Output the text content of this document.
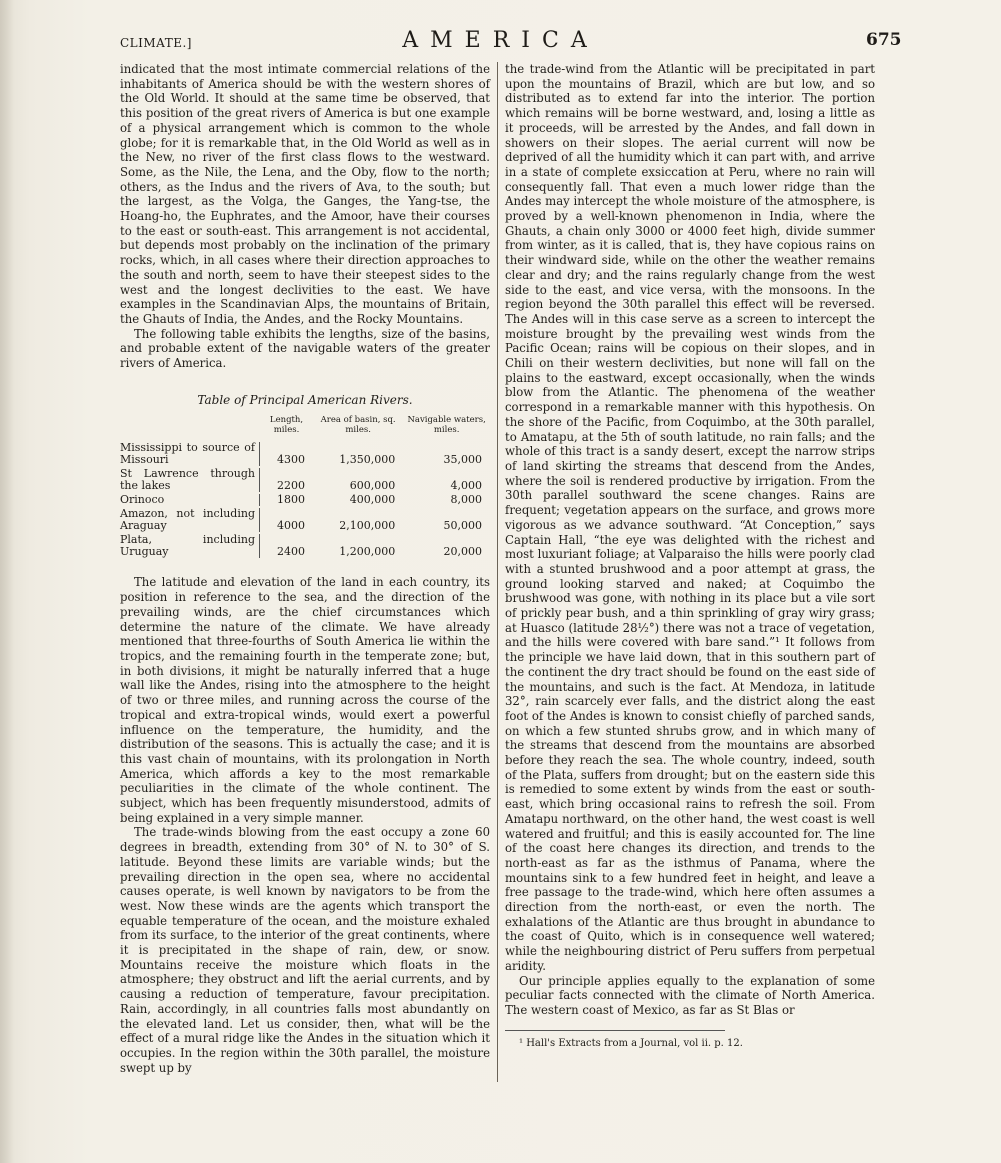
CLIMATE.]	AMERICA	675

indicated that the most intimate commercial relations of the inhabitants of America should be with the western shores of the Old World. It should at the same time be observed, that this position of the great rivers of America is but one example of a physical arrangement which is common to the whole globe; for it is remarkable that, in the Old World as well as in the New, no river of the first class flows to the westward. Some, as the Nile, the Lena, and the Oby, flow to the north; others, as the Indus and the rivers of Ava, to the south; but the largest, as the Volga, the Ganges, the Yang-tse, the Hoang-ho, the Euphrates, and the Amoor, have their courses to the east or south-east. This arrangement is not accidental, but depends most probably on the inclination of the primary rocks, which, in all cases where their direction approaches to the south and north, seem to have their steepest sides to the west and the longest declivities to the east. We have examples in the Scandinavian Alps, the mountains of Britain, the Ghauts of India, the Andes, and the Rocky Mountains.

The following table exhibits the lengths, size of the basins, and probable extent of the navigable waters of the greater rivers of America.

Table of Principal American Rivers.
	Length, miles.	Area of basin, sq. miles.	Navigable waters, miles.

Mississippi to source of Missouri	4300	1,350,000	35,000

St Lawrence through the lakes	2200	600,000	4,000

Orinoco	1800	400,000	8,000

Amazon, not including Araguay	4000	2,100,000	50,000

Plata, including Uruguay	2400	1,200,000	20,000

The latitude and elevation of the land in each country, its position in reference to the sea, and the direction of the prevailing winds, are the chief circumstances which determine the nature of the climate. We have already mentioned that three-fourths of South America lie within the tropics, and the remaining fourth in the temperate zone; but, in both divisions, it might be naturally inferred that a huge wall like the Andes, rising into the atmosphere to the height of two or three miles, and running across the course of the tropical and extra-tropical winds, would exert a powerful influence on the temperature, the humidity, and the distribution of the seasons. This is actually the case; and it is this vast chain of mountains, with its prolongation in North America, which affords a key to the most remarkable peculiarities in the climate of the whole continent. The subject, which has been frequently misunderstood, admits of being explained in a very simple manner.

The trade-winds blowing from the east occupy a zone 60 degrees in breadth, extending from 30° of N. to 30° of S. latitude. Beyond these limits are variable winds; but the prevailing direction in the open sea, where no accidental causes operate, is well known by navigators to be from the west. Now these winds are the agents which transport the equable temperature of the ocean, and the moisture exhaled from its surface, to the interior of the great continents, where it is precipitated in the shape of rain, dew, or snow. Mountains receive the moisture which floats in the atmosphere; they obstruct and lift the aerial currents, and by causing a reduction of temperature, favour precipitation. Rain, accordingly, in all countries falls most abundantly on the elevated land. Let us consider, then, what will be the effect of a mural ridge like the Andes in the situation which it occupies. In the region within the 30th parallel, the moisture swept up by

the trade-wind from the Atlantic will be precipitated in part upon the mountains of Brazil, which are but low, and so distributed as to extend far into the interior. The portion which remains will be borne westward, and, losing a little as it proceeds, will be arrested by the Andes, and fall down in showers on their slopes. The aerial current will now be deprived of all the humidity which it can part with, and arrive in a state of complete exsiccation at Peru, where no rain will consequently fall. That even a much lower ridge than the Andes may intercept the whole moisture of the atmosphere, is proved by a well-known phenomenon in India, where the Ghauts, a chain only 3000 or 4000 feet high, divide summer from winter, as it is called, that is, they have copious rains on their windward side, while on the other the weather remains clear and dry; and the rains regularly change from the west side to the east, and vice versa, with the monsoons. In the region beyond the 30th parallel this effect will be reversed. The Andes will in this case serve as a screen to intercept the moisture brought by the prevailing west winds from the Pacific Ocean; rains will be copious on their slopes, and in Chili on their western declivities, but none will fall on the plains to the eastward, except occasionally, when the winds blow from the Atlantic. The phenomena of the weather correspond in a remarkable manner with this hypothesis. On the shore of the Pacific, from Coquimbo, at the 30th parallel, to Amatapu, at the 5th of south latitude, no rain falls; and the whole of this tract is a sandy desert, except the narrow strips of land skirting the streams that descend from the Andes, where the soil is rendered productive by irrigation. From the 30th parallel southward the scene changes. Rains are frequent; vegetation appears on the surface, and grows more vigorous as we advance southward. “At Conception,” says Captain Hall, “the eye was delighted with the richest and most luxuriant foliage; at Valparaiso the hills were poorly clad with a stunted brushwood and a poor attempt at grass, the ground looking starved and naked; at Coquimbo the brushwood was gone, with nothing in its place but a vile sort of prickly pear bush, and a thin sprinkling of gray wiry grass; at Huasco (latitude 28½°) there was not a trace of vegetation, and the hills were covered with bare sand.”¹ It follows from the principle we have laid down, that in this southern part of the continent the dry tract should be found on the east side of the mountains, and such is the fact. At Mendoza, in latitude 32°, rain scarcely ever falls, and the district along the east foot of the Andes is known to consist chiefly of parched sands, on which a few stunted shrubs grow, and in which many of the streams that descend from the mountains are absorbed before they reach the sea. The whole country, indeed, south of the Plata, suffers from drought; but on the eastern side this is remedied to some extent by winds from the east or south-east, which bring occasional rains to refresh the soil. From Amatapu northward, on the other hand, the west coast is well watered and fruitful; and this is easily accounted for. The line of the coast here changes its direction, and trends to the north-east as far as the isthmus of Panama, where the mountains sink to a few hundred feet in height, and leave a free passage to the trade-wind, which here often assumes a direction from the north-east, or even the north. The exhalations of the Atlantic are thus brought in abundance to the coast of Quito, which is in consequence well watered; while the neighbouring district of Peru suffers from perpetual aridity.

Our principle applies equally to the explanation of some peculiar facts connected with the climate of North America. The western coast of Mexico, as far as St Blas or

¹ Hall's Extracts from a Journal, vol ii. p. 12.
